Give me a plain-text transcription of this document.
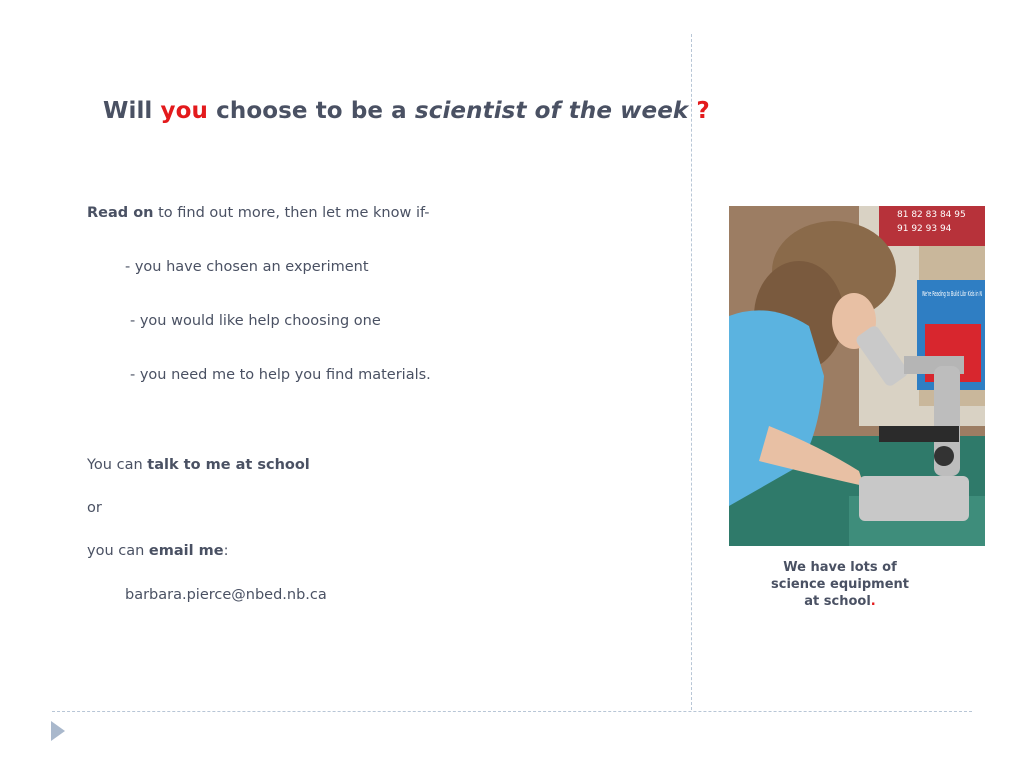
Will you choose to be a scientist of the week ?
Read on to find out more, then let me know if-
- you have chosen an experiment
- you would like help choosing one
- you need me to help you find materials.
You can talk to me at school
or
you can email me:
barbara.pierce@nbed.nb.ca
81 82 83 84 95
91 92 93 94
We're Reading to Build Libr Kids in N
We have lots of
science equipment
at school.
